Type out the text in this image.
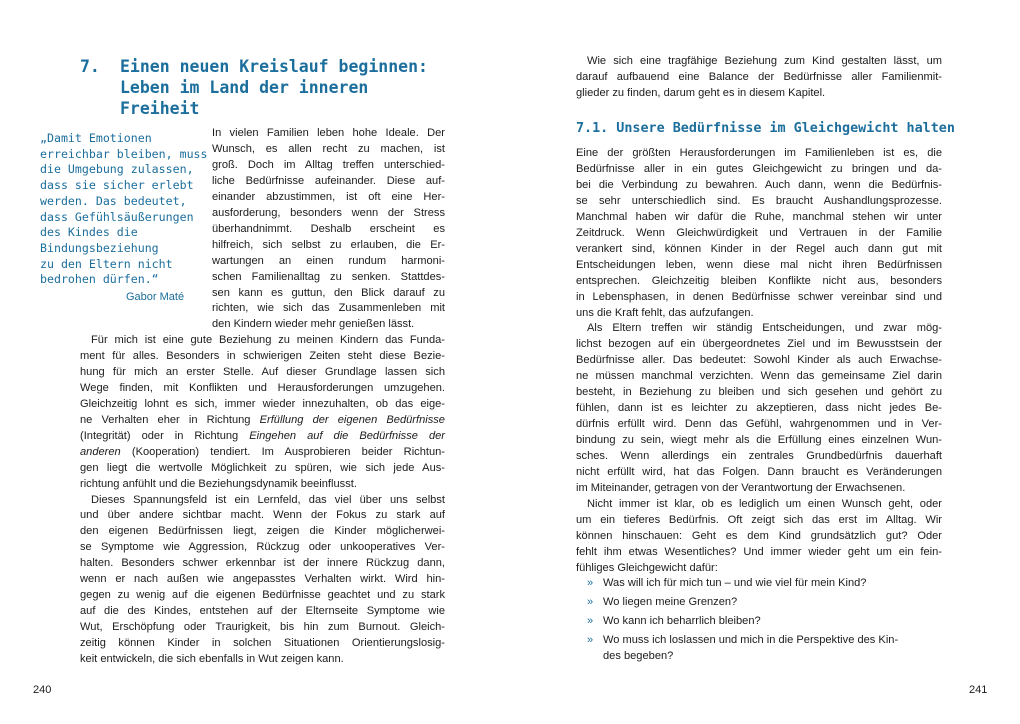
7. Einen neuen Kreislauf beginnen:
Leben im Land der inneren
Freiheit
„Damit Emotionen
erreichbar bleiben, muss
die Umgebung zulassen,
dass sie sicher erlebt
werden. Das bedeutet,
dass Gefühlsäußerungen
des Kindes die
Bindungsbeziehung
zu den Eltern nicht
bedrohen dürfen.“
Gabor Maté
In vielen Familien leben hohe Ideale. Der
Wunsch, es allen recht zu machen, ist
groß. Doch im Alltag treffen unterschied-
liche Bedürfnisse aufeinander. Diese auf-
einander abzustimmen, ist oft eine Her-
ausforderung, besonders wenn der Stress
überhandnimmt. Deshalb erscheint es
hilfreich, sich selbst zu erlauben, die Er-
wartungen an einen rundum harmoni-
schen Familienalltag zu senken. Stattdes-
sen kann es guttun, den Blick darauf zu
richten, wie sich das Zusammenleben mit
den Kindern wieder mehr genießen lässt.
Für mich ist eine gute Beziehung zu meinen Kindern das Funda-
ment für alles. Besonders in schwierigen Zeiten steht diese Bezie-
hung für mich an erster Stelle. Auf dieser Grundlage lassen sich
Wege finden, mit Konflikten und Herausforderungen umzugehen.
Gleichzeitig lohnt es sich, immer wieder innezuhalten, ob das eige-
ne Verhalten eher in Richtung Erfüllung der eigenen Bedürfnisse
(Integrität) oder in Richtung Eingehen auf die Bedürfnisse der
anderen (Kooperation) tendiert. Im Ausprobieren beider Richtun-
gen liegt die wertvolle Möglichkeit zu spüren, wie sich jede Aus-
richtung anfühlt und die Beziehungsdynamik beeinflusst.
Dieses Spannungsfeld ist ein Lernfeld, das viel über uns selbst
und über andere sichtbar macht. Wenn der Fokus zu stark auf
den eigenen Bedürfnissen liegt, zeigen die Kinder möglicherwei-
se Symptome wie Aggression, Rückzug oder unkooperatives Ver-
halten. Besonders schwer erkennbar ist der innere Rückzug dann,
wenn er nach außen wie angepasstes Verhalten wirkt. Wird hin-
gegen zu wenig auf die eigenen Bedürfnisse geachtet und zu stark
auf die des Kindes, entstehen auf der Elternseite Symptome wie
Wut, Erschöpfung oder Traurigkeit, bis hin zum Burnout. Gleich-
zeitig können Kinder in solchen Situationen Orientierungslosig-
keit entwickeln, die sich ebenfalls in Wut zeigen kann.
240
Wie sich eine tragfähige Beziehung zum Kind gestalten lässt, um
darauf aufbauend eine Balance der Bedürfnisse aller Familienmit-
glieder zu finden, darum geht es in diesem Kapitel.
7.1. Unsere Bedürfnisse im Gleichgewicht halten
Eine der größten Herausforderungen im Familienleben ist es, die
Bedürfnisse aller in ein gutes Gleichgewicht zu bringen und da-
bei die Verbindung zu bewahren. Auch dann, wenn die Bedürfnis-
se sehr unterschiedlich sind. Es braucht Aushandlungsprozesse.
Manchmal haben wir dafür die Ruhe, manchmal stehen wir unter
Zeitdruck. Wenn Gleichwürdigkeit und Vertrauen in der Familie
verankert sind, können Kinder in der Regel auch dann gut mit
Entscheidungen leben, wenn diese mal nicht ihren Bedürfnissen
entsprechen. Gleichzeitig bleiben Konflikte nicht aus, besonders
in Lebensphasen, in denen Bedürfnisse schwer vereinbar sind und
uns die Kraft fehlt, das aufzufangen.
Als Eltern treffen wir ständig Entscheidungen, und zwar mög-
lichst bezogen auf ein übergeordnetes Ziel und im Bewusstsein der
Bedürfnisse aller. Das bedeutet: Sowohl Kinder als auch Erwachse-
ne müssen manchmal verzichten. Wenn das gemeinsame Ziel darin
besteht, in Beziehung zu bleiben und sich gesehen und gehört zu
fühlen, dann ist es leichter zu akzeptieren, dass nicht jedes Be-
dürfnis erfüllt wird. Denn das Gefühl, wahrgenommen und in Ver-
bindung zu sein, wiegt mehr als die Erfüllung eines einzelnen Wun-
sches. Wenn allerdings ein zentrales Grundbedürfnis dauerhaft
nicht erfüllt wird, hat das Folgen. Dann braucht es Veränderungen
im Miteinander, getragen von der Verantwortung der Erwachsenen.
Nicht immer ist klar, ob es lediglich um einen Wunsch geht, oder
um ein tieferes Bedürfnis. Oft zeigt sich das erst im Alltag. Wir
können hinschauen: Geht es dem Kind grundsätzlich gut? Oder
fehlt ihm etwas Wesentliches? Und immer wieder geht um ein fein-
fühliges Gleichgewicht dafür:
» Was will ich für mich tun – und wie viel für mein Kind?
» Wo liegen meine Grenzen?
» Wo kann ich beharrlich bleiben?
» Wo muss ich loslassen und mich in die Perspektive des Kin-
des begeben?
241
